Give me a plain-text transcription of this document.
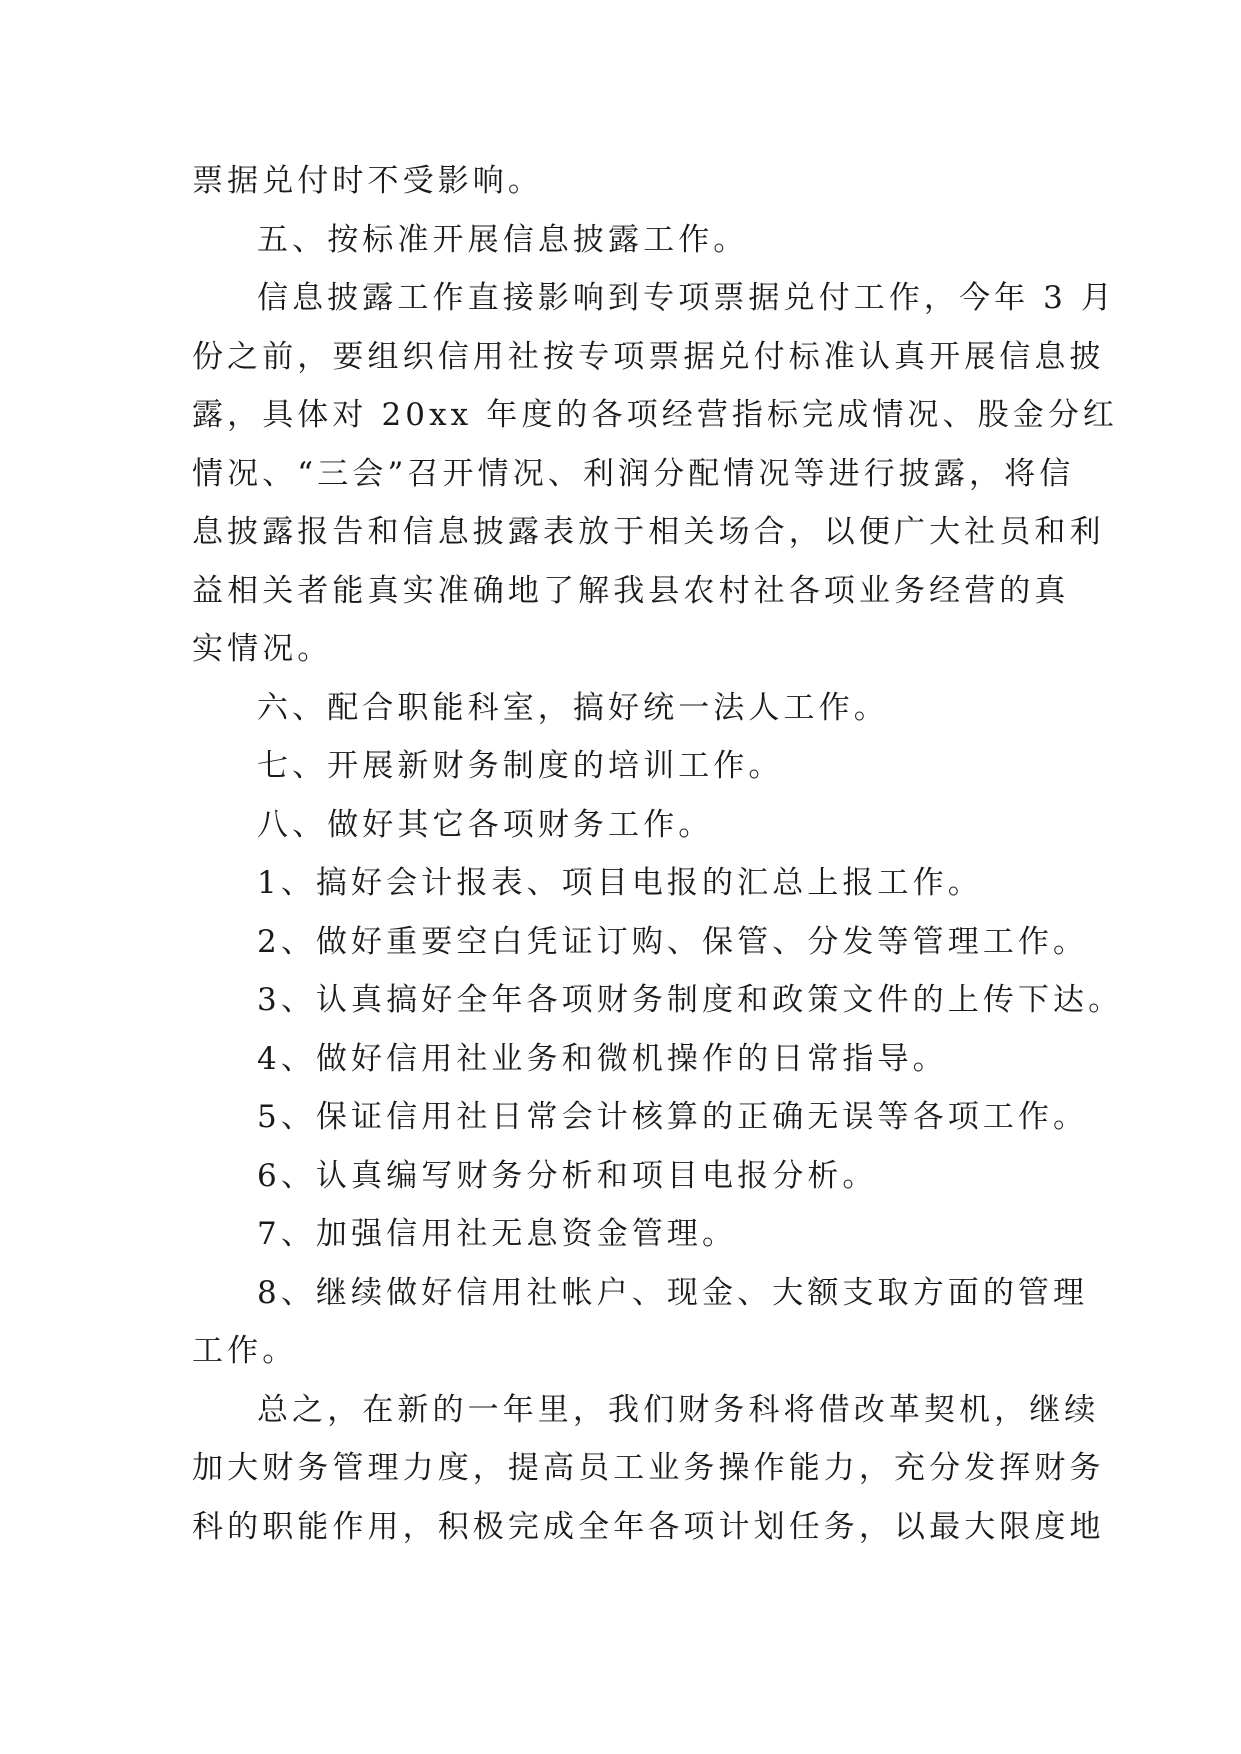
票据兑付时不受影响。
五、按标准开展信息披露工作。
信息披露工作直接影响到专项票据兑付工作，今年 3 月
份之前，要组织信用社按专项票据兑付标准认真开展信息披
露，具体对 20xx 年度的各项经营指标完成情况、股金分红
情况、“三会”召开情况、利润分配情况等进行披露，将信
息披露报告和信息披露表放于相关场合，以便广大社员和利
益相关者能真实准确地了解我县农村社各项业务经营的真
实情况。
六、配合职能科室，搞好统一法人工作。
七、开展新财务制度的培训工作。
八、做好其它各项财务工作。
1、搞好会计报表、项目电报的汇总上报工作。
2、做好重要空白凭证订购、保管、分发等管理工作。
3、认真搞好全年各项财务制度和政策文件的上传下达。
4、做好信用社业务和微机操作的日常指导。
5、保证信用社日常会计核算的正确无误等各项工作。
6、认真编写财务分析和项目电报分析。
7、加强信用社无息资金管理。
8、继续做好信用社帐户、现金、大额支取方面的管理
工作。
总之，在新的一年里，我们财务科将借改革契机，继续
加大财务管理力度，提高员工业务操作能力，充分发挥财务
科的职能作用，积极完成全年各项计划任务，以最大限度地
